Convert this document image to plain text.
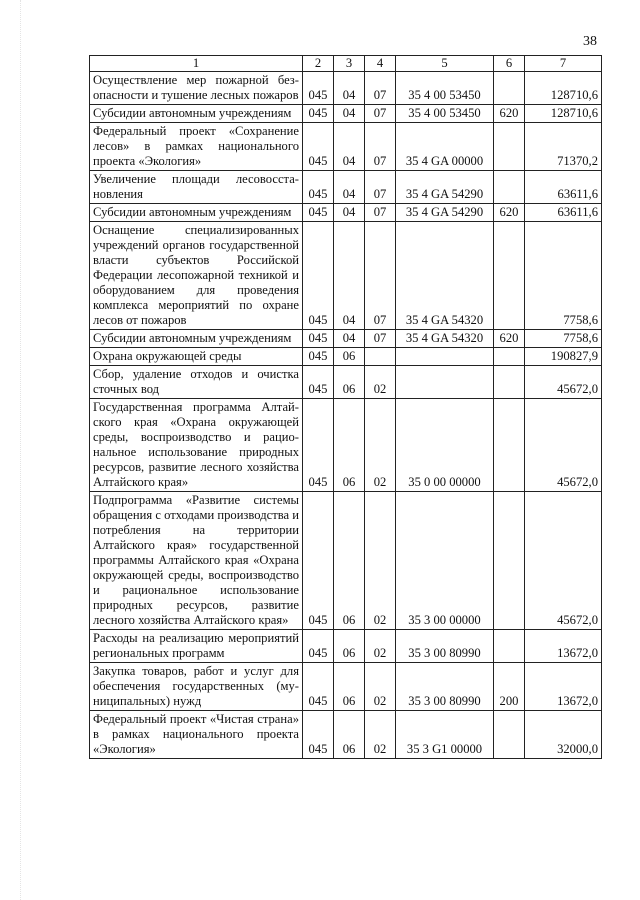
38
1	2	3	4	5	6	7
Осуществление мер пожарной безопасности и тушение лесных пожаров	045	04	07	35 4 00 53450		128710,6
Субсидии автономным учреждениям	045	04	07	35 4 00 53450	620	128710,6
Федеральный проект «Сохранение лесов» в рамках национального проекта «Экология»	045	04	07	35 4 GA 00000		71370,2
Увеличение площади лесовосстановления	045	04	07	35 4 GA 54290		63611,6
Субсидии автономным учреждениям	045	04	07	35 4 GA 54290	620	63611,6
Оснащение специализированных учреждений органов государственной власти субъектов Российской Федерации лесопожарной техникой и оборудованием для проведения комплекса мероприятий по охране лесов от пожаров	045	04	07	35 4 GA 54320		7758,6
Субсидии автономным учреждениям	045	04	07	35 4 GA 54320	620	7758,6
Охрана окружающей среды	045	06				190827,9
Сбор, удаление отходов и очистка сточных вод	045	06	02			45672,0
Государственная программа Алтайского края «Охрана окружающей среды, воспроизводство и рациональное использование природных ресурсов, развитие лесного хозяйства Алтайского края»	045	06	02	35 0 00 00000		45672,0
Подпрограмма «Развитие системы обращения с отходами производства и потребления на территории Алтайского края» государственной программы Алтайского края «Охрана окружающей среды, воспроизводство и рациональное использование природных ресурсов, развитие лесного хозяйства Алтайского края»	045	06	02	35 3 00 00000		45672,0
Расходы на реализацию мероприятий региональных программ	045	06	02	35 3 00 80990		13672,0
Закупка товаров, работ и услуг для обеспечения государственных (муниципальных) нужд	045	06	02	35 3 00 80990	200	13672,0
Федеральный проект «Чистая страна» в рамках национального проекта «Экология»	045	06	02	35 3 G1 00000		32000,0
